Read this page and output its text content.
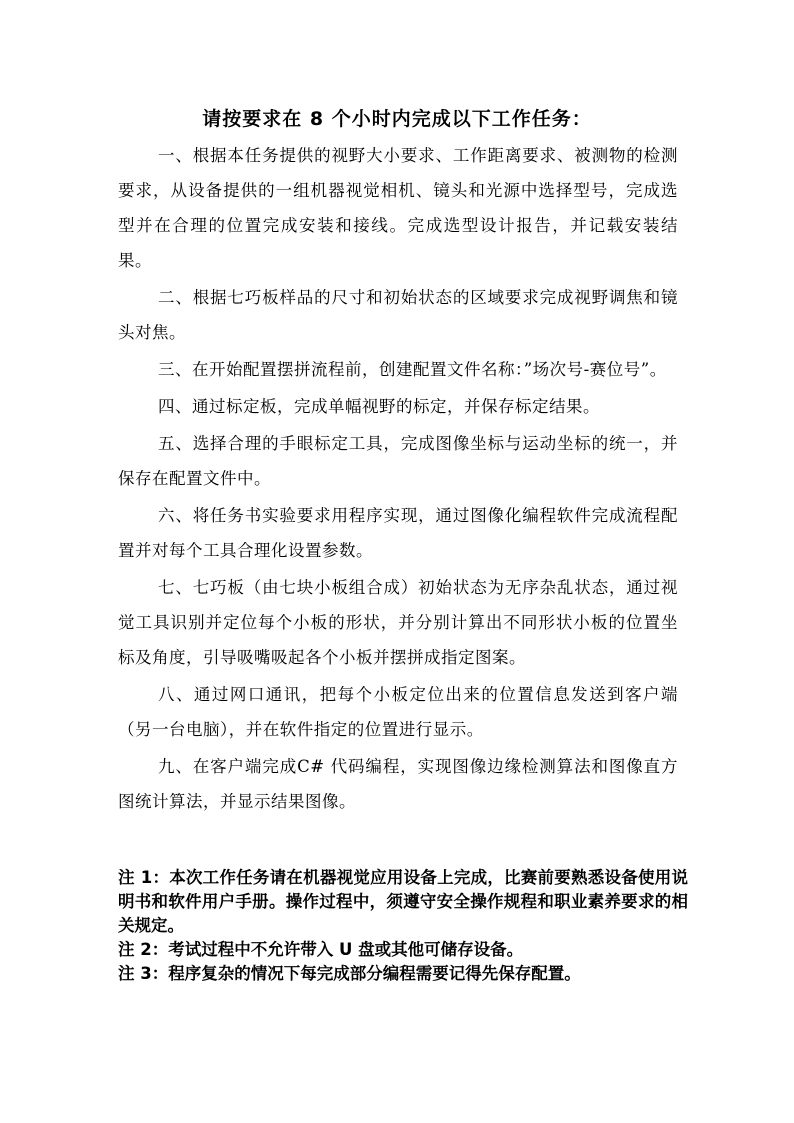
请按要求在 8 个小时内完成以下工作任务：

一、根据本任务提供的视野大小要求、工作距离要求、被测物的检测要求，从设备提供的一组机器视觉相机、镜头和光源中选择型号，完成选型并在合理的位置完成安装和接线。完成选型设计报告，并记载安装结果。

二、根据七巧板样品的尺寸和初始状态的区域要求完成视野调焦和镜头对焦。

三、在开始配置摆拼流程前，创建配置文件名称：”场次号-赛位号”。

四、通过标定板，完成单幅视野的标定，并保存标定结果。

五、选择合理的手眼标定工具，完成图像坐标与运动坐标的统一，并保存在配置文件中。

六、将任务书实验要求用程序实现，通过图像化编程软件完成流程配置并对每个工具合理化设置参数。

七、七巧板（由七块小板组合成）初始状态为无序杂乱状态，通过视觉工具识别并定位每个小板的形状，并分别计算出不同形状小板的位置坐标及角度，引导吸嘴吸起各个小板并摆拼成指定图案。

八、通过网口通讯，把每个小板定位出来的位置信息发送到客户端（另一台电脑），并在软件指定的位置进行显示。

九、在客户端完成C# 代码编程，实现图像边缘检测算法和图像直方图统计算法，并显示结果图像。

注 1：本次工作任务请在机器视觉应用设备上完成，比赛前要熟悉设备使用说明书和软件用户手册。操作过程中，须遵守安全操作规程和职业素养要求的相关规定。

注 2：考试过程中不允许带入 U 盘或其他可储存设备。

注 3：程序复杂的情况下每完成部分编程需要记得先保存配置。
